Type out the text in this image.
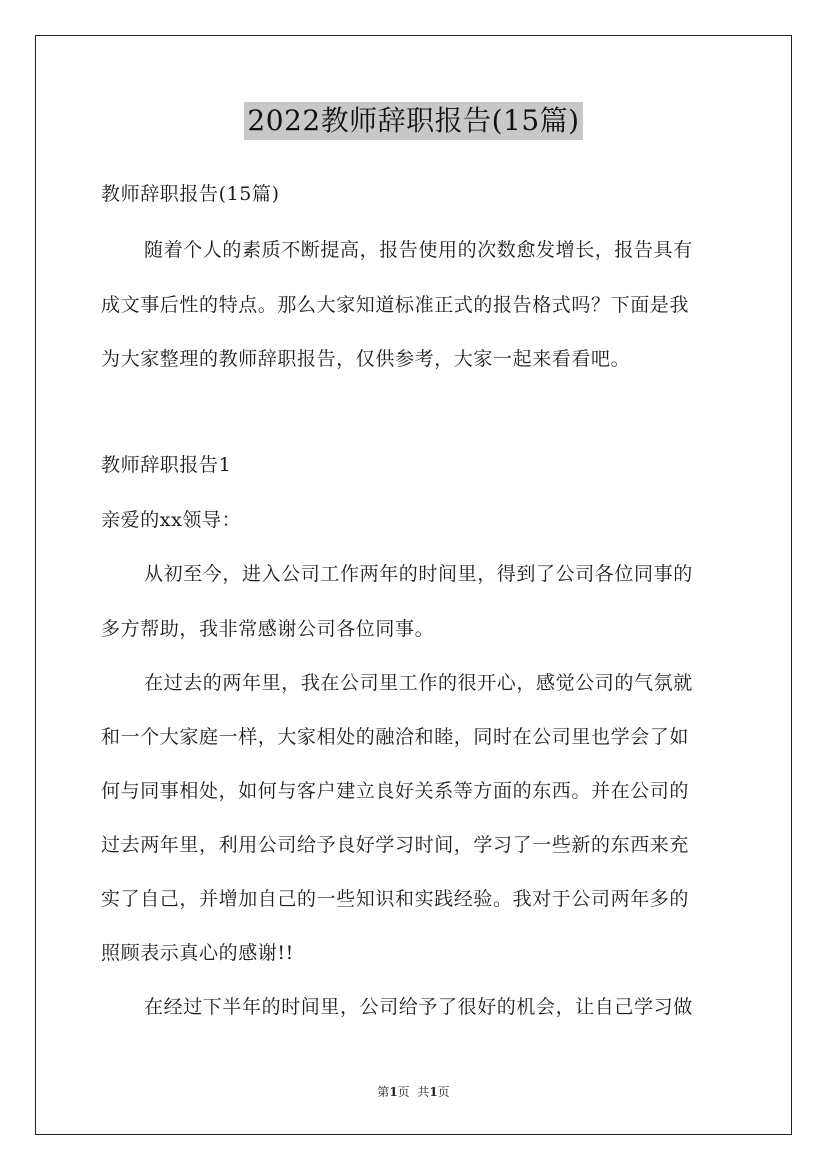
2022教师辞职报告(15篇)
教师辞职报告(15篇)
随着个人的素质不断提高，报告使用的次数愈发增长，报告具有
成文事后性的特点。那么大家知道标准正式的报告格式吗？下面是我
为大家整理的教师辞职报告，仅供参考，大家一起来看看吧。
教师辞职报告1
亲爱的xx领导：
从初至今，进入公司工作两年的时间里，得到了公司各位同事的
多方帮助，我非常感谢公司各位同事。
在过去的两年里，我在公司里工作的很开心，感觉公司的气氛就
和一个大家庭一样，大家相处的融洽和睦，同时在公司里也学会了如
何与同事相处，如何与客户建立良好关系等方面的东西。并在公司的
过去两年里，利用公司给予良好学习时间，学习了一些新的东西来充
实了自己，并增加自己的一些知识和实践经验。我对于公司两年多的
照顾表示真心的感谢!!
在经过下半年的时间里，公司给予了很好的机会，让自己学习做
第1页  共1页
